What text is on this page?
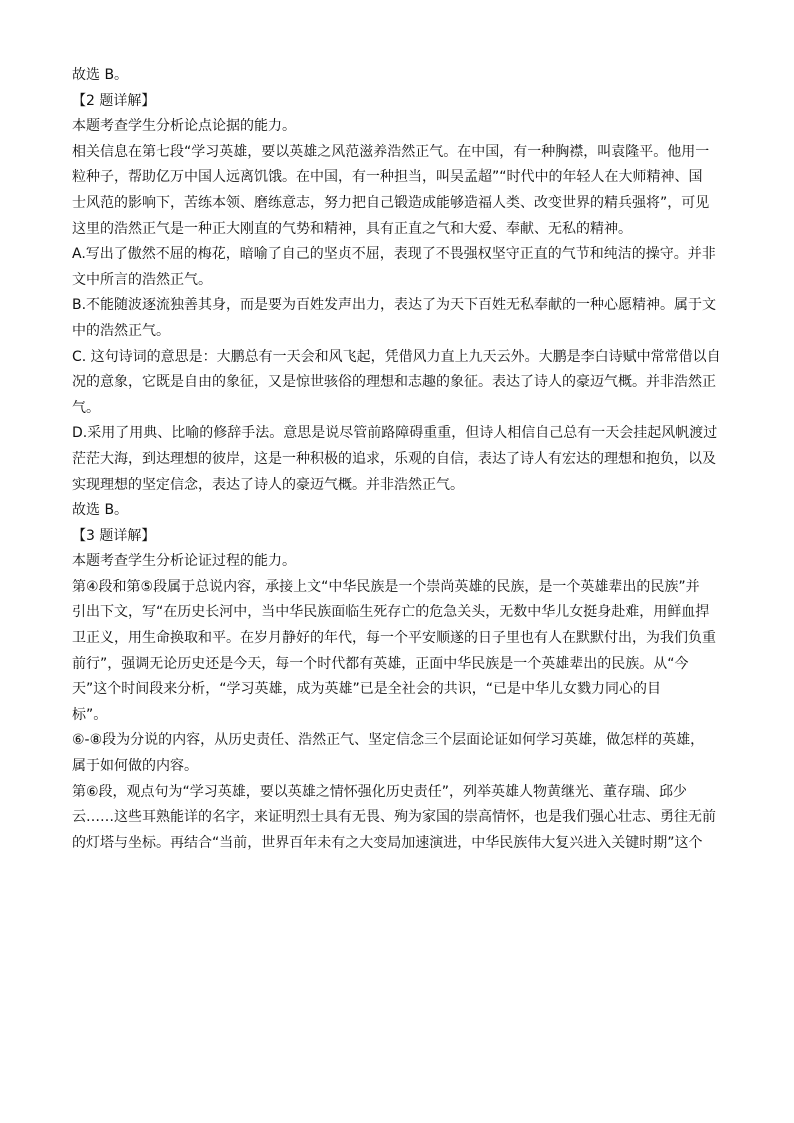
故选 B。

【2 题详解】

本题考查学生分析论点论据的能力。

相关信息在第七段“学习英雄，要以英雄之风范滋养浩然正气。在中国，有一种胸襟，叫袁隆平。他用一

粒种子，帮助亿万中国人远离饥饿。在中国，有一种担当，叫吴孟超”“时代中的年轻人在大师精神、国

士风范的影响下，苦练本领、磨练意志，努力把自己锻造成能够造福人类、改变世界的精兵强将”，可见

这里的浩然正气是一种正大刚直的气势和精神，具有正直之气和大爱、奉献、无私的精神。

A.写出了傲然不屈的梅花，暗喻了自己的坚贞不屈，表现了不畏强权坚守正直的气节和纯洁的操守。并非

文中所言的浩然正气。

B.不能随波逐流独善其身，而是要为百姓发声出力，表达了为天下百姓无私奉献的一种心愿精神。属于文

中的浩然正气。

C. 这句诗词的意思是：大鹏总有一天会和风飞起，凭借风力直上九天云外。大鹏是李白诗赋中常常借以自

况的意象，它既是自由的象征，又是惊世骇俗的理想和志趣的象征。表达了诗人的豪迈气概。并非浩然正

气。

D.采用了用典、比喻的修辞手法。意思是说尽管前路障碍重重，但诗人相信自己总有一天会挂起风帆渡过

茫茫大海，到达理想的彼岸，这是一种积极的追求，乐观的自信，表达了诗人有宏达的理想和抱负，以及

实现理想的坚定信念，表达了诗人的豪迈气概。并非浩然正气。

故选 B。

【3 题详解】

本题考查学生分析论证过程的能力。

第④段和第⑤段属于总说内容，承接上文“中华民族是一个崇尚英雄的民族，是一个英雄辈出的民族”并

引出下文，写“在历史长河中，当中华民族面临生死存亡的危急关头，无数中华儿女挺身赴难，用鲜血捍

卫正义，用生命换取和平。在岁月静好的年代，每一个平安顺遂的日子里也有人在默默付出，为我们负重

前行”，强调无论历史还是今天，每一个时代都有英雄，正面中华民族是一个英雄辈出的民族。从“今

天”这个时间段来分析，“学习英雄，成为英雄”已是全社会的共识，“已是中华儿女戮力同心的目

标”。

⑥-⑧段为分说的内容，从历史责任、浩然正气、坚定信念三个层面论证如何学习英雄，做怎样的英雄，

属于如何做的内容。

第⑥段，观点句为“学习英雄，要以英雄之情怀强化历史责任”，列举英雄人物黄继光、董存瑞、邱少

云……这些耳熟能详的名字，来证明烈士具有无畏、殉为家国的崇高情怀，也是我们强心壮志、勇往无前

的灯塔与坐标。再结合“当前，世界百年未有之大变局加速演进，中华民族伟大复兴进入关键时期”这个
